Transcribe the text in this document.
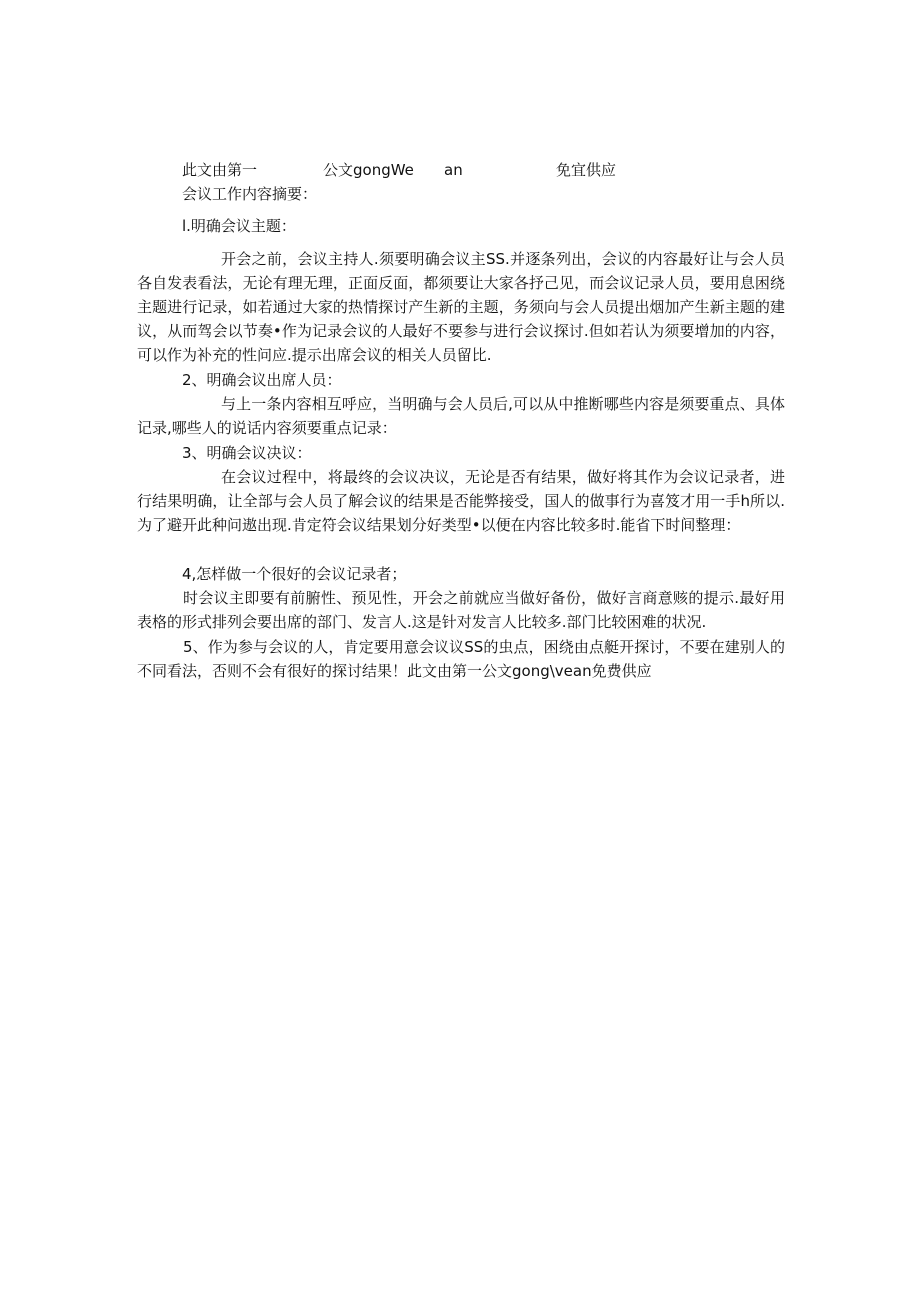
此文由第一	公文gongWe an	免宜供应
会议工作内容摘要：
l.明确会议主题：
开会之前，会议主持人.须要明确会议主SS.并逐条列出，会议的内容最好让与会人员各自发表看法，无论有理无理，正面反面，都须要让大家各抒己见，而会议记录人员，要用息困绕主题进行记录，如若通过大家的热情探讨产生新的主题，务须向与会人员提出烟加产生新主题的建议，从而驾会以节奏•作为记录会议的人最好不要参与进行会议探讨.但如若认为须要增加的内容，可以作为补充的性问应.提示出席会议的相关人员留比.
2、明确会议出席人员：
与上一条内容相互呼应，当明确与会人员后,可以从中推断哪些内容是须要重点、具体记录,哪些人的说话内容须要重点记录：
3、明确会议决议：
在会议过程中，将最终的会议决议，无论是否有结果，做好将其作为会议记录者，进行结果明确，让全部与会人员了解会议的结果是否能弊接受，国人的做事行为喜笈才用一手h所以.为了避开此种问遨出现.肯定符会议结果划分好类型•以便在内容比较多时.能省下时间整理：
4,怎样做一个很好的会议记录者；
时会议主即要有前腑性、预见性，开会之前就应当做好备份，做好言商意赅的提示.最好用表格的形式排列会要出席的部门、发言人.这是针对发言人比较多.部门比较困难的状况.
5、作为参与会议的人，肯定要用意会议议SS的虫点，困绕由点艇开探讨，不要在建别人的不同看法，否则不会有很好的探讨结果！此文由第一公文gong\vean免费供应
